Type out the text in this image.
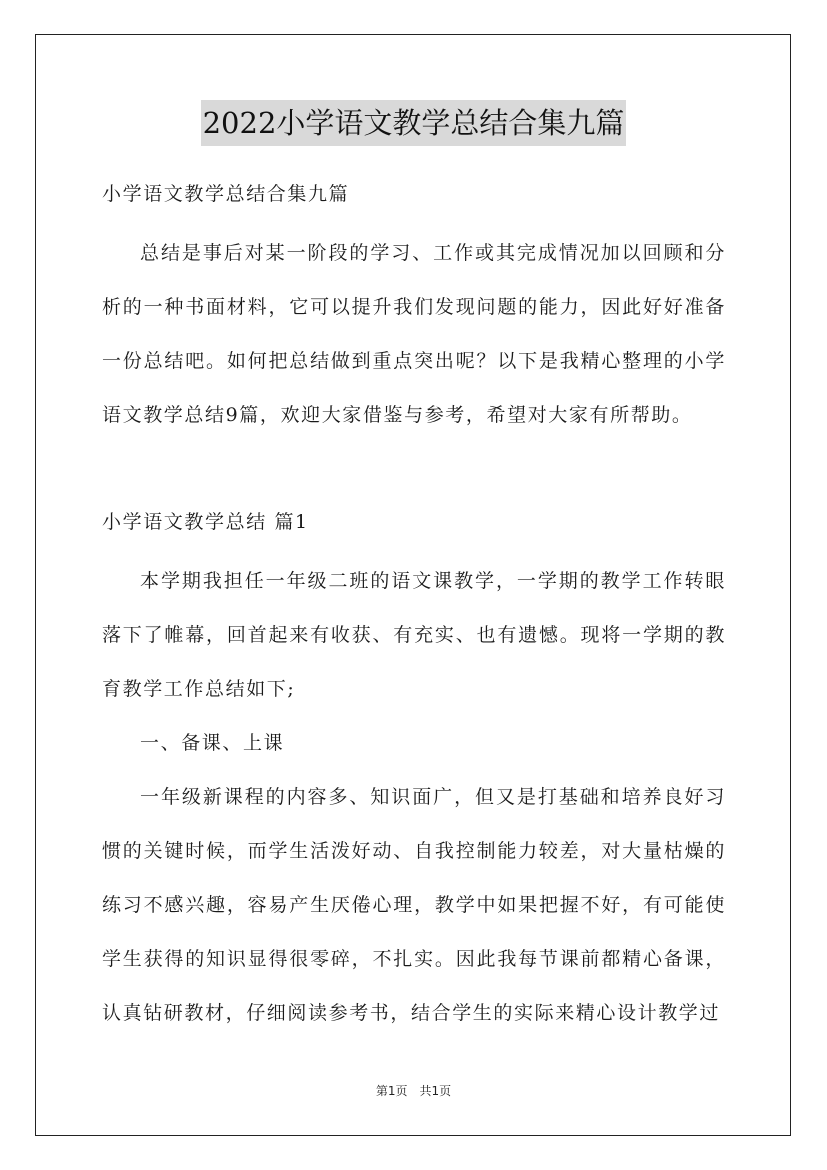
2022小学语文教学总结合集九篇

小学语文教学总结合集九篇

总结是事后对某一阶段的学习、工作或其完成情况加以回顾和分析的一种书面材料，它可以提升我们发现问题的能力，因此好好准备一份总结吧。如何把总结做到重点突出呢？以下是我精心整理的小学语文教学总结9篇，欢迎大家借鉴与参考，希望对大家有所帮助。

小学语文教学总结 篇1

本学期我担任一年级二班的语文课教学，一学期的教学工作转眼落下了帷幕，回首起来有收获、有充实、也有遗憾。现将一学期的教育教学工作总结如下;

一、备课、上课

一年级新课程的内容多、知识面广，但又是打基础和培养良好习惯的关键时候，而学生活泼好动、自我控制能力较差，对大量枯燥的练习不感兴趣，容易产生厌倦心理，教学中如果把握不好，有可能使学生获得的知识显得很零碎，不扎实。因此我每节课前都精心备课，认真钻研教材，仔细阅读参考书，结合学生的实际来精心设计教学过

第1页　共1页
